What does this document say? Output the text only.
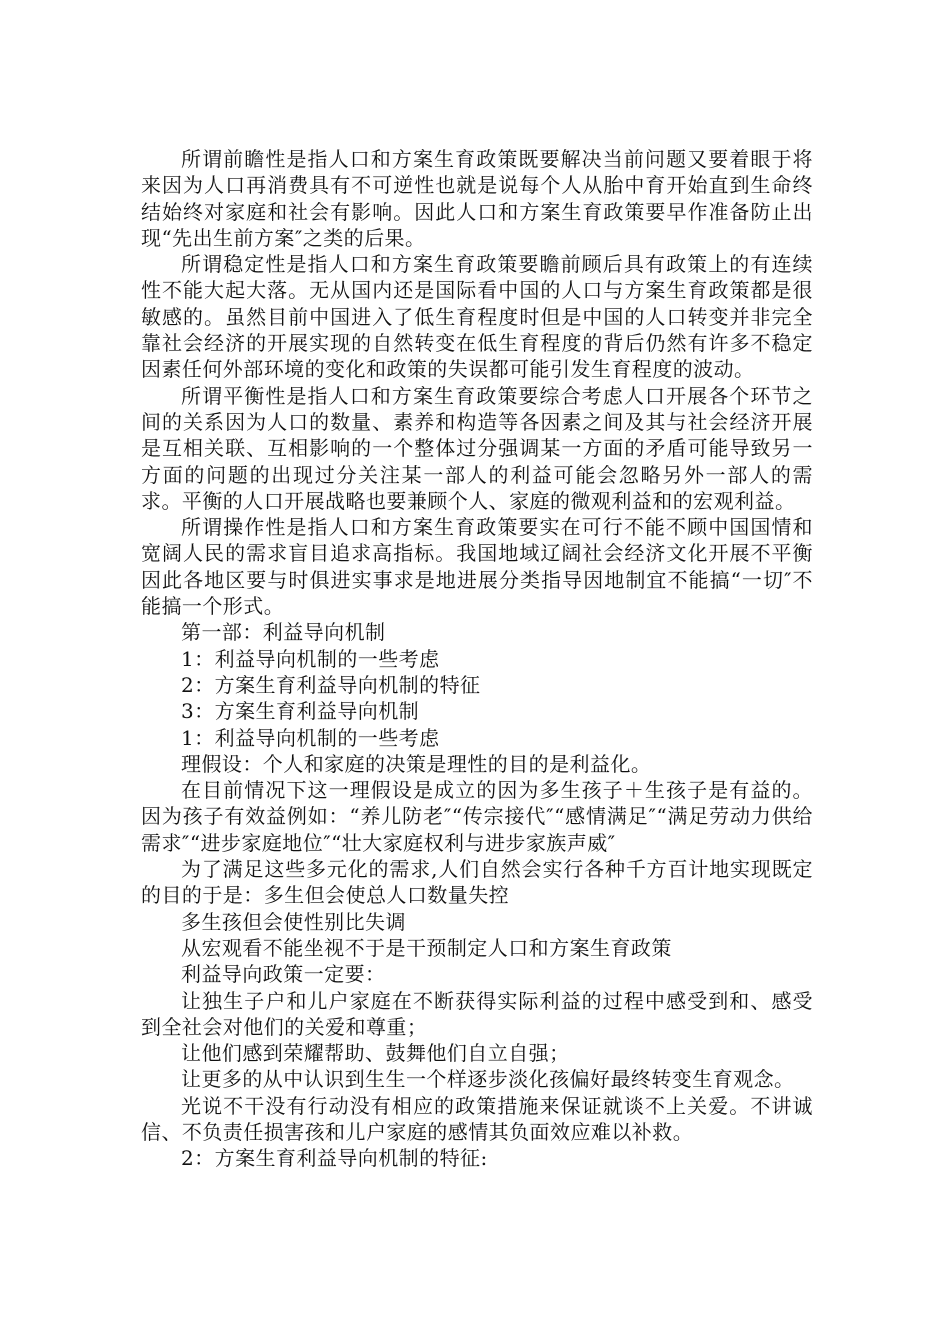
所谓前瞻性是指人口和方案生育政策既要解决当前问题又要着眼于将来因为人口再消费具有不可逆性也就是说每个人从胎中育开始直到生命终结始终对家庭和社会有影响。因此人口和方案生育政策要早作准备防止出现“先出生前方案″之类的后果。

所谓稳定性是指人口和方案生育政策要瞻前顾后具有政策上的有连续性不能大起大落。无从国内还是国际看中国的人口与方案生育政策都是很敏感的。虽然目前中国进入了低生育程度时但是中国的人口转变并非完全靠社会经济的开展实现的自然转变在低生育程度的背后仍然有许多不稳定因素任何外部环境的变化和政策的失误都可能引发生育程度的波动。

所谓平衡性是指人口和方案生育政策要综合考虑人口开展各个环节之间的关系因为人口的数量、素养和构造等各因素之间及其与社会经济开展是互相关联、互相影响的一个整体过分强调某一方面的矛盾可能导致另一方面的问题的出现过分关注某一部人的利益可能会忽略另外一部人的需求。平衡的人口开展战略也要兼顾个人、家庭的微观利益和的宏观利益。

所谓操作性是指人口和方案生育政策要实在可行不能不顾中国国情和宽阔人民的需求盲目追求高指标。我国地域辽阔社会经济文化开展不平衡因此各地区要与时俱进实事求是地进展分类指导因地制宜不能搞“一切″不能搞一个形式。

第一部：利益导向机制

1：利益导向机制的一些考虑

2：方案生育利益导向机制的特征

3：方案生育利益导向机制

1：利益导向机制的一些考虑

理假设：个人和家庭的决策是理性的目的是利益化。

在目前情况下这一理假设是成立的因为多生孩子＋生孩子是有益的。因为孩子有效益例如：“养儿防老″“传宗接代″“感情满足″“满足劳动力供给需求″“进步家庭地位″“壮大家庭权利与进步家族声威″

为了满足这些多元化的需求,人们自然会实行各种千方百计地实现既定的目的于是：多生但会使总人口数量失控

多生孩但会使性别比失调

从宏观看不能坐视不于是干预制定人口和方案生育政策

利益导向政策一定要：

让独生子户和儿户家庭在不断获得实际利益的过程中感受到和、感受到全社会对他们的关爱和尊重；

让他们感到荣耀帮助、鼓舞他们自立自强；

让更多的从中认识到生生一个样逐步淡化孩偏好最终转变生育观念。

光说不干没有行动没有相应的政策措施来保证就谈不上关爱。不讲诚信、不负责任损害孩和儿户家庭的感情其负面效应难以补救。

2：方案生育利益导向机制的特征:
